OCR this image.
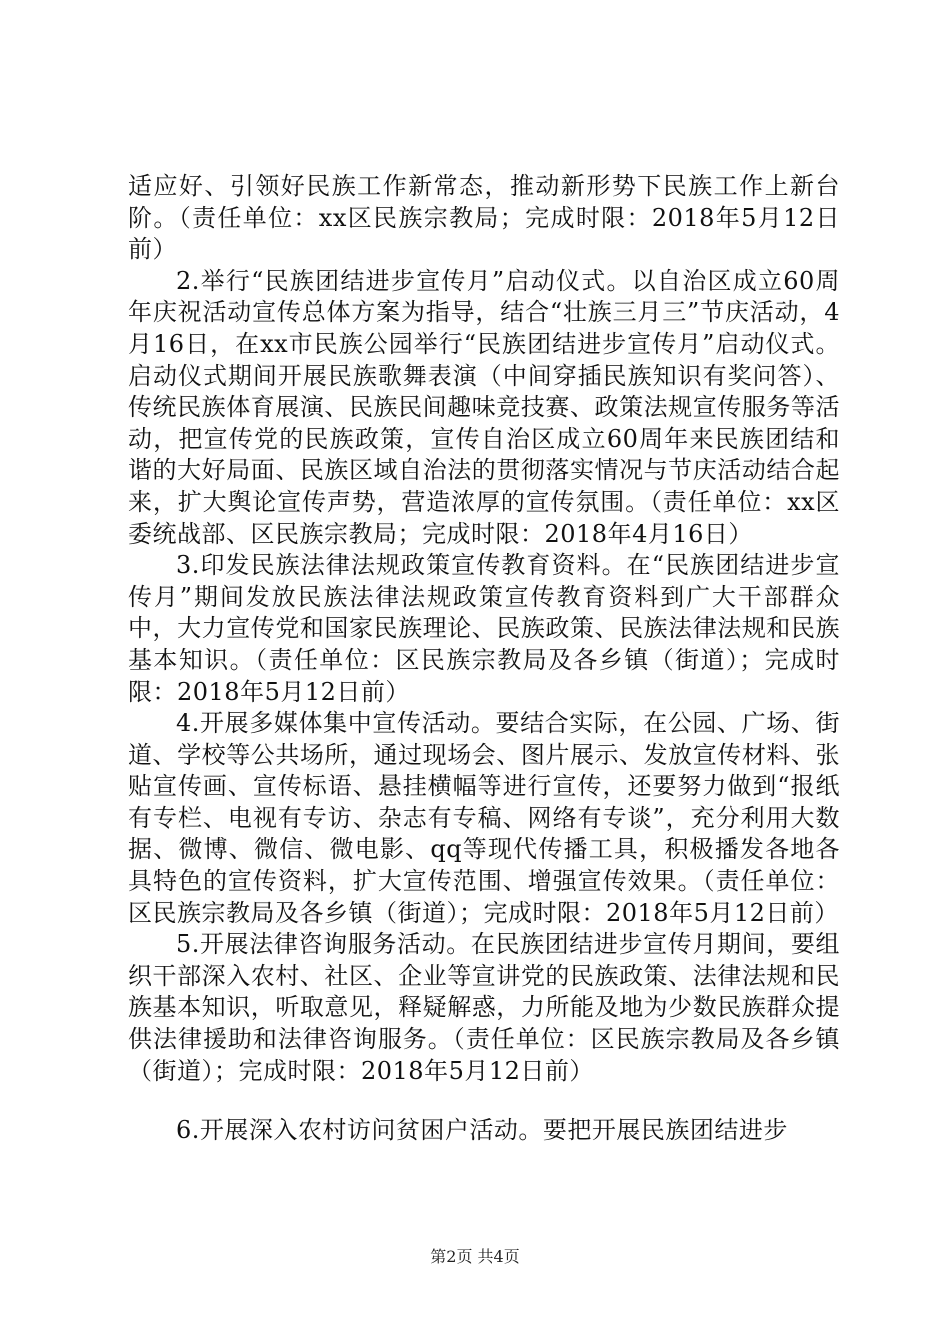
适应好、引领好民族工作新常态，推动新形势下民族工作上新台阶。（责任单位：xx区民族宗教局；完成时限：2018年5月12日前）

2.举行“民族团结进步宣传月”启动仪式。以自治区成立60周年庆祝活动宣传总体方案为指导，结合“壮族三月三”节庆活动，4月16日，在xx市民族公园举行“民族团结进步宣传月”启动仪式。启动仪式期间开展民族歌舞表演（中间穿插民族知识有奖问答）、传统民族体育展演、民族民间趣味竞技赛、政策法规宣传服务等活动，把宣传党的民族政策，宣传自治区成立60周年来民族团结和谐的大好局面、民族区域自治法的贯彻落实情况与节庆活动结合起来，扩大舆论宣传声势，营造浓厚的宣传氛围。（责任单位：xx区委统战部、区民族宗教局；完成时限：2018年4月16日）

3.印发民族法律法规政策宣传教育资料。在“民族团结进步宣传月”期间发放民族法律法规政策宣传教育资料到广大干部群众中，大力宣传党和国家民族理论、民族政策、民族法律法规和民族基本知识。（责任单位：区民族宗教局及各乡镇（街道）；完成时限：2018年5月12日前）

4.开展多媒体集中宣传活动。要结合实际，在公园、广场、街道、学校等公共场所，通过现场会、图片展示、发放宣传材料、张贴宣传画、宣传标语、悬挂横幅等进行宣传，还要努力做到“报纸有专栏、电视有专访、杂志有专稿、网络有专谈”，充分利用大数据、微博、微信、微电影、qq等现代传播工具，积极播发各地各具特色的宣传资料，扩大宣传范围、增强宣传效果。（责任单位：区民族宗教局及各乡镇（街道）；完成时限：2018年5月12日前）

5.开展法律咨询服务活动。在民族团结进步宣传月期间，要组织干部深入农村、社区、企业等宣讲党的民族政策、法律法规和民族基本知识，听取意见，释疑解惑，力所能及地为少数民族群众提供法律援助和法律咨询服务。（责任单位：区民族宗教局及各乡镇（街道）；完成时限：2018年5月12日前）

6.开展深入农村访问贫困户活动。要把开展民族团结进步

第2页 共4页
